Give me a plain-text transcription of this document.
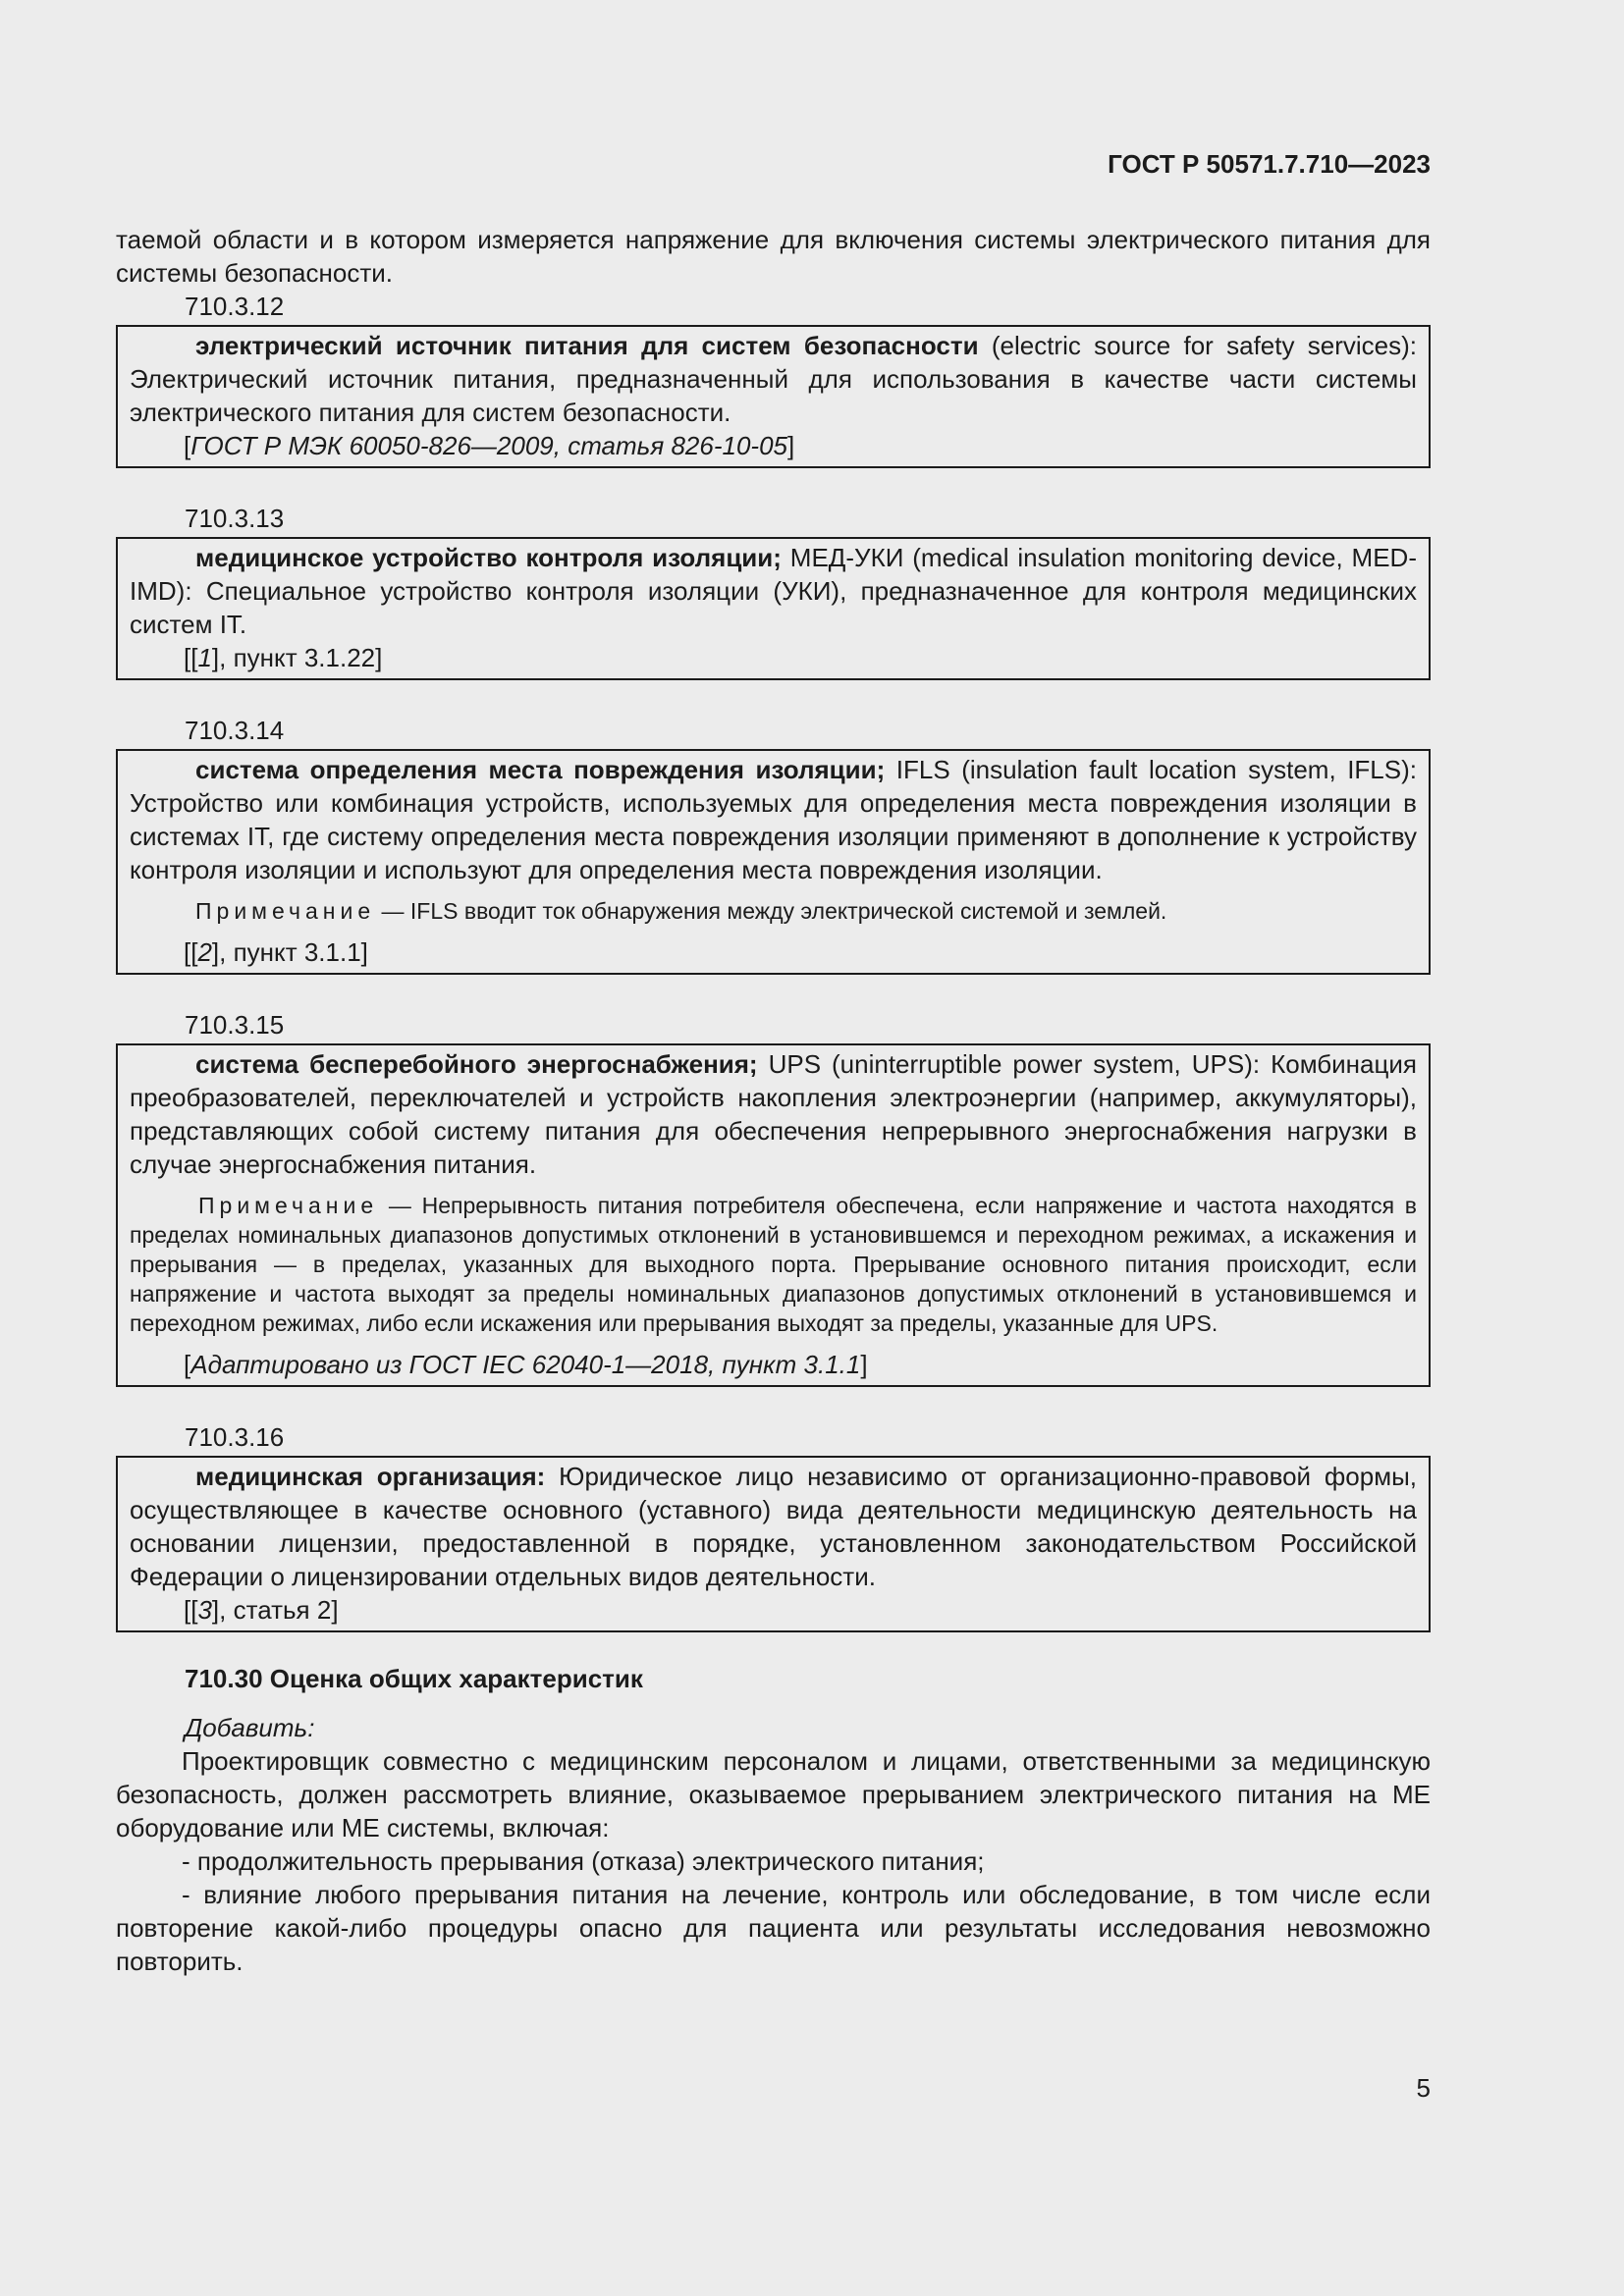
ГОСТ Р 50571.7.710—2023

таемой области и в котором измеряется напряжение для включения системы электрического питания для системы безопасности.

710.3.12

электрический источник питания для систем безопасности (electric source for safety services): Электрический источник питания, предназначенный для использования в качестве части системы электрического питания для систем безопасности.

[ГОСТ Р МЭК 60050-826—2009, статья 826-10-05]

710.3.13

медицинское устройство контроля изоляции; МЕД-УКИ (medical insulation monitoring device, MED-IMD): Специальное устройство контроля изоляции (УКИ), предназначенное для контроля медицинских систем IT.

[[1], пункт 3.1.22]

710.3.14

система определения места повреждения изоляции; IFLS (insulation fault location system, IFLS): Устройство или комбинация устройств, используемых для определения места повреждения изоляции в системах IT, где систему определения места повреждения изоляции применяют в дополнение к устройству контроля изоляции и используют для определения места повреждения изоляции.

Примечание — IFLS вводит ток обнаружения между электрической системой и землей.

[[2], пункт 3.1.1]

710.3.15

система бесперебойного энергоснабжения; UPS (uninterruptible power system, UPS): Комбинация преобразователей, переключателей и устройств накопления электроэнергии (например, аккумуляторы), представляющих собой систему питания для обеспечения непрерывного энергоснабжения нагрузки в случае энергоснабжения питания.

Примечание — Непрерывность питания потребителя обеспечена, если напряжение и частота находятся в пределах номинальных диапазонов допустимых отклонений в установившемся и переходном режимах, а искажения и прерывания — в пределах, указанных для выходного порта. Прерывание основного питания происходит, если напряжение и частота выходят за пределы номинальных диапазонов допустимых отклонений в установившемся и переходном режимах, либо если искажения или прерывания выходят за пределы, указанные для UPS.

[Адаптировано из ГОСТ IEC 62040-1—2018, пункт 3.1.1]

710.3.16

медицинская организация: Юридическое лицо независимо от организационно-правовой формы, осуществляющее в качестве основного (уставного) вида деятельности медицинскую деятельность на основании лицензии, предоставленной в порядке, установленном законодательством Российской Федерации о лицензировании отдельных видов деятельности.

[[3], статья 2]

710.30 Оценка общих характеристик

Добавить:

Проектировщик совместно с медицинским персоналом и лицами, ответственными за медицинскую безопасность, должен рассмотреть влияние, оказываемое прерыванием электрического питания на МЕ оборудование или МЕ системы, включая:

- продолжительность прерывания (отказа) электрического питания;

- влияние любого прерывания питания на лечение, контроль или обследование, в том числе если повторение какой-либо процедуры опасно для пациента или результаты исследования невозможно повторить.

5
